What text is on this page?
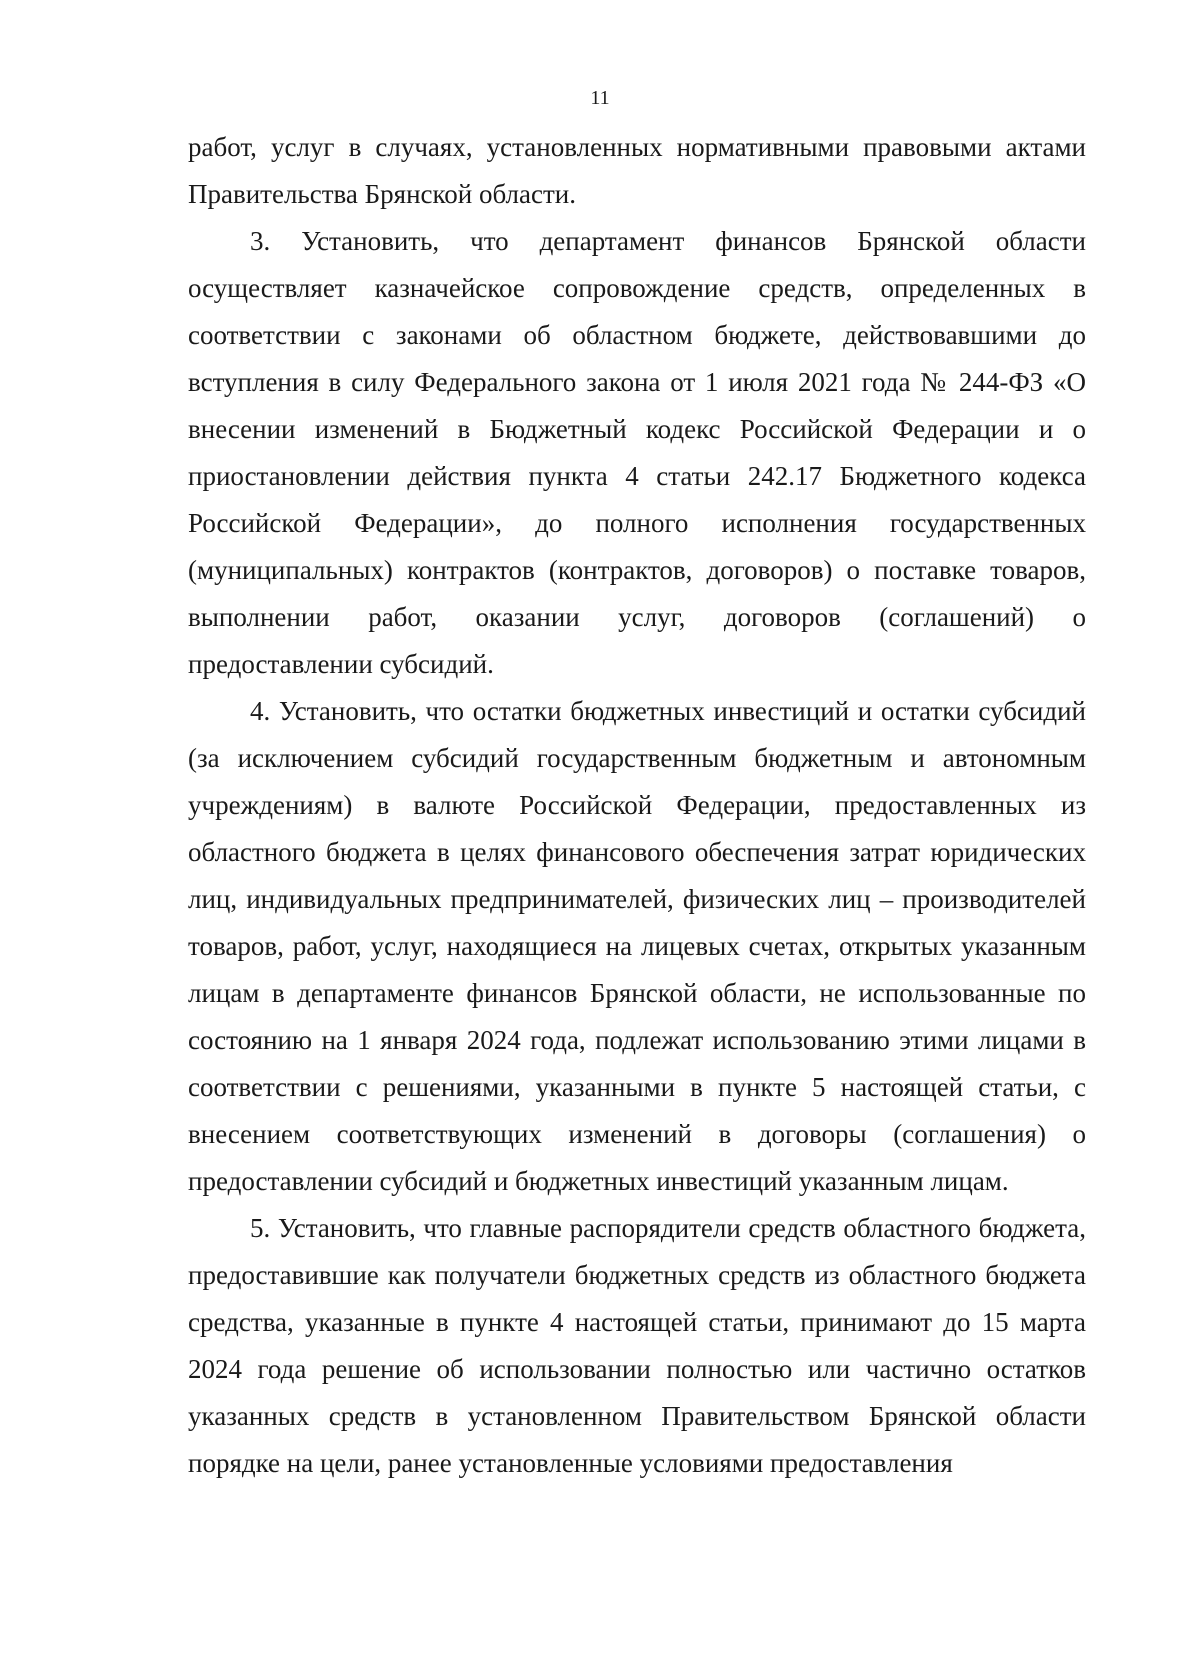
11

работ, услуг в случаях, установленных нормативными правовыми актами Правительства Брянской области.

3. Установить, что департамент финансов Брянской области осуществляет казначейское сопровождение средств, определенных в соответствии с законами об областном бюджете, действовавшими до вступления в силу Федерального закона от 1 июля 2021 года № 244-ФЗ «О внесении изменений в Бюджетный кодекс Российской Федерации и о приостановлении действия пункта 4 статьи 242.17 Бюджетного кодекса Российской Федерации», до полного исполнения государственных (муниципальных) контрактов (контрактов, договоров) о поставке товаров, выполнении работ, оказании услуг, договоров (соглашений) о предоставлении субсидий.

4. Установить, что остатки бюджетных инвестиций и остатки субсидий (за исключением субсидий государственным бюджетным и автономным учреждениям) в валюте Российской Федерации, предоставленных из областного бюджета в целях финансового обеспечения затрат юридических лиц, индивидуальных предпринимателей, физических лиц – производителей товаров, работ, услуг, находящиеся на лицевых счетах, открытых указанным лицам в департаменте финансов Брянской области, не использованные по состоянию на 1 января 2024 года, подлежат использованию этими лицами в соответствии с решениями, указанными в пункте 5 настоящей статьи, с внесением соответствующих изменений в договоры (соглашения) о предоставлении субсидий и бюджетных инвестиций указанным лицам.

5. Установить, что главные распорядители средств областного бюджета, предоставившие как получатели бюджетных средств из областного бюджета средства, указанные в пункте 4 настоящей статьи, принимают до 15 марта 2024 года решение об использовании полностью или частично остатков указанных средств в установленном Правительством Брянской области порядке на цели, ранее установленные условиями предоставления
